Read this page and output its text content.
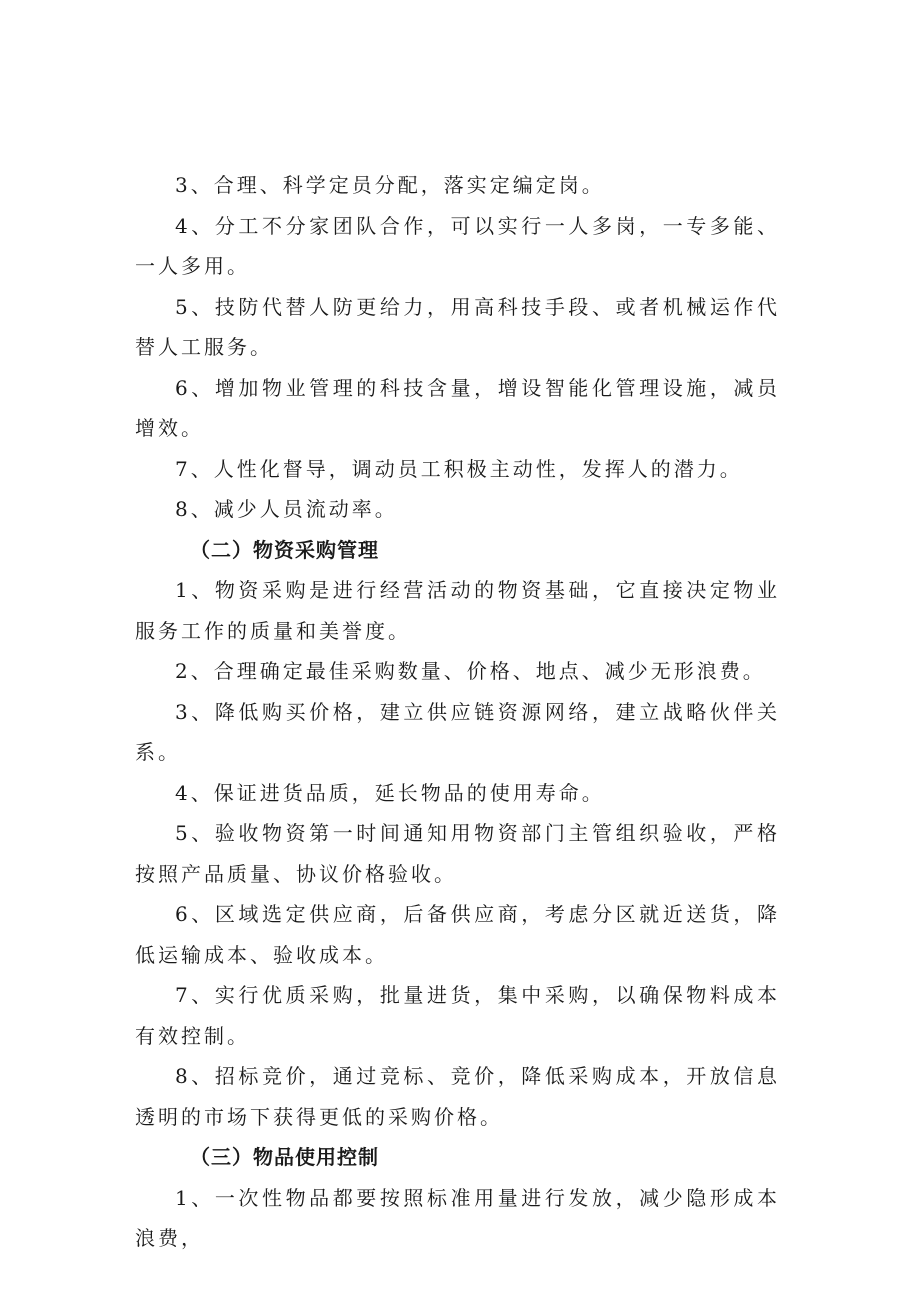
3、合理、科学定员分配，落实定编定岗。

4、分工不分家团队合作，可以实行一人多岗，一专多能、一人多用。

5、技防代替人防更给力，用高科技手段、或者机械运作代替人工服务。

6、增加物业管理的科技含量，增设智能化管理设施，减员增效。

7、人性化督导，调动员工积极主动性，发挥人的潜力。

8、减少人员流动率。

（二）物资采购管理

1、物资采购是进行经营活动的物资基础，它直接决定物业服务工作的质量和美誉度。

2、合理确定最佳采购数量、价格、地点、减少无形浪费。

3、降低购买价格，建立供应链资源网络，建立战略伙伴关系。

4、保证进货品质，延长物品的使用寿命。

5、验收物资第一时间通知用物资部门主管组织验收，严格按照产品质量、协议价格验收。

6、区域选定供应商，后备供应商，考虑分区就近送货，降低运输成本、验收成本。

7、实行优质采购，批量进货，集中采购，以确保物料成本有效控制。

8、招标竞价，通过竞标、竞价，降低采购成本，开放信息透明的市场下获得更低的采购价格。

（三）物品使用控制

1、一次性物品都要按照标准用量进行发放，减少隐形成本浪费，
